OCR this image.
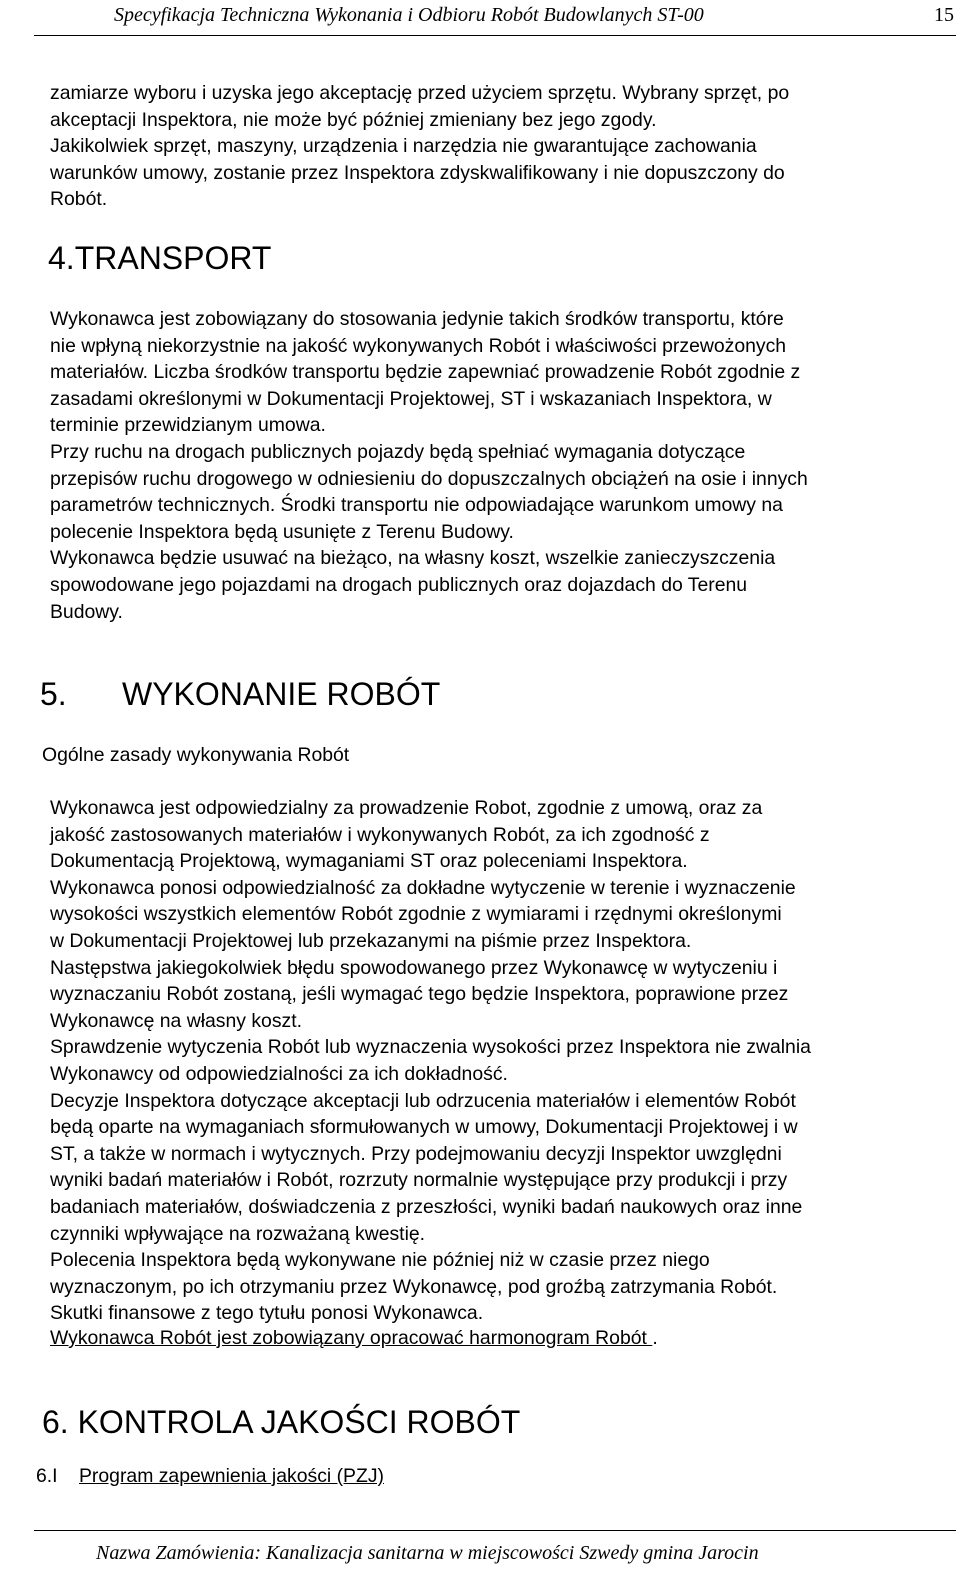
Specyfikacja Techniczna Wykonania i Odbioru Robót Budowlanych ST-00	15
zamiarze wyboru i uzyska jego akceptację przed użyciem sprzętu. Wybrany sprzęt, po
akceptacji Inspektora, nie może być później zmieniany bez jego zgody.
Jakikolwiek sprzęt, maszyny, urządzenia i narzędzia nie gwarantujące zachowania
warunków umowy, zostanie przez Inspektora zdyskwalifikowany i nie dopuszczony do
Robót.
4.TRANSPORT
Wykonawca jest zobowiązany do stosowania jedynie takich środków transportu, które
nie wpłyną niekorzystnie na jakość wykonywanych Robót i właściwości przewożonych
materiałów. Liczba środków transportu będzie zapewniać prowadzenie Robót zgodnie z
zasadami określonymi w Dokumentacji Projektowej, ST i wskazaniach Inspektora, w
terminie przewidzianym umowa.
Przy ruchu na drogach publicznych pojazdy będą spełniać wymagania dotyczące
przepisów ruchu drogowego w odniesieniu do dopuszczalnych obciążeń na osie i innych
parametrów technicznych. Środki transportu nie odpowiadające warunkom umowy na
polecenie Inspektora będą usunięte z Terenu Budowy.
Wykonawca będzie usuwać na bieżąco, na własny koszt, wszelkie zanieczyszczenia
spowodowane jego pojazdami na drogach publicznych oraz dojazdach do Terenu
Budowy.
5. WYKONANIE ROBÓT
Ogólne zasady wykonywania Robót
Wykonawca jest odpowiedzialny za prowadzenie Robot, zgodnie z umową, oraz za
jakość zastosowanych materiałów i wykonywanych Robót, za ich zgodność z
Dokumentacją Projektową, wymaganiami ST oraz poleceniami Inspektora.
Wykonawca ponosi odpowiedzialność za dokładne wytyczenie w terenie i wyznaczenie
wysokości wszystkich elementów Robót zgodnie z wymiarami i rzędnymi określonymi
w Dokumentacji Projektowej lub przekazanymi na piśmie przez Inspektora.
Następstwa jakiegokolwiek błędu spowodowanego przez Wykonawcę w wytyczeniu i
wyznaczaniu Robót zostaną, jeśli wymagać tego będzie Inspektora, poprawione przez
Wykonawcę na własny koszt.
Sprawdzenie wytyczenia Robót lub wyznaczenia wysokości przez Inspektora nie zwalnia
Wykonawcy od odpowiedzialności za ich dokładność.
Decyzje Inspektora dotyczące akceptacji lub odrzucenia materiałów i elementów Robót
będą oparte na wymaganiach sformułowanych w umowy, Dokumentacji Projektowej i w
ST, a także w normach i wytycznych. Przy podejmowaniu decyzji Inspektor uwzględni
wyniki badań materiałów i Robót, rozrzuty normalnie występujące przy produkcji i przy
badaniach materiałów, doświadczenia z przeszłości, wyniki badań naukowych oraz inne
czynniki wpływające na rozważaną kwestię.
Polecenia Inspektora będą wykonywane nie później niż w czasie przez niego
wyznaczonym, po ich otrzymaniu przez Wykonawcę, pod groźbą zatrzymania Robót.
Skutki finansowe z tego tytułu ponosi Wykonawca.
Wykonawca Robót jest zobowiązany opracować harmonogram Robót .
6. KONTROLA JAKOŚCI ROBÓT
6.I Program zapewnienia jakości (PZJ)
Nazwa Zamówienia: Kanalizacja sanitarna w miejscowości Szwedy gmina Jarocin
